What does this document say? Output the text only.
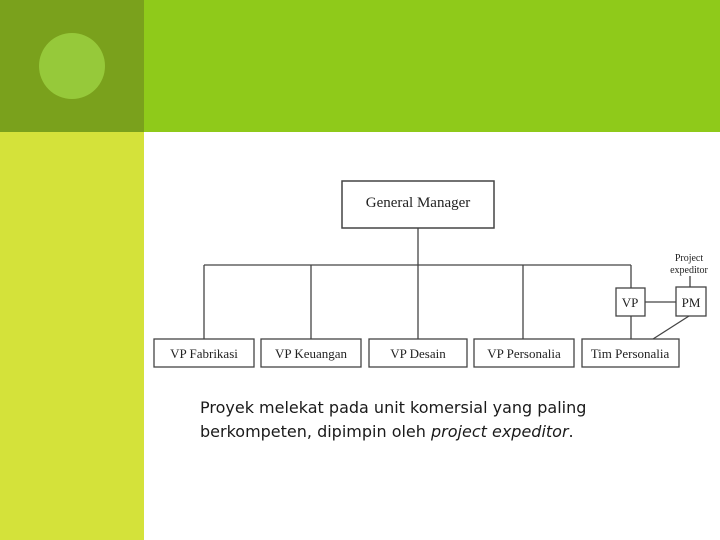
General Manager
VP Fabrikasi	VP Keuangan	VP Desain	VP Personalia Tim Personalia
VP	PM
Project
expeditor
Proyek melekat pada unit komersial yang paling berkompeten, dipimpin oleh project expeditor.
